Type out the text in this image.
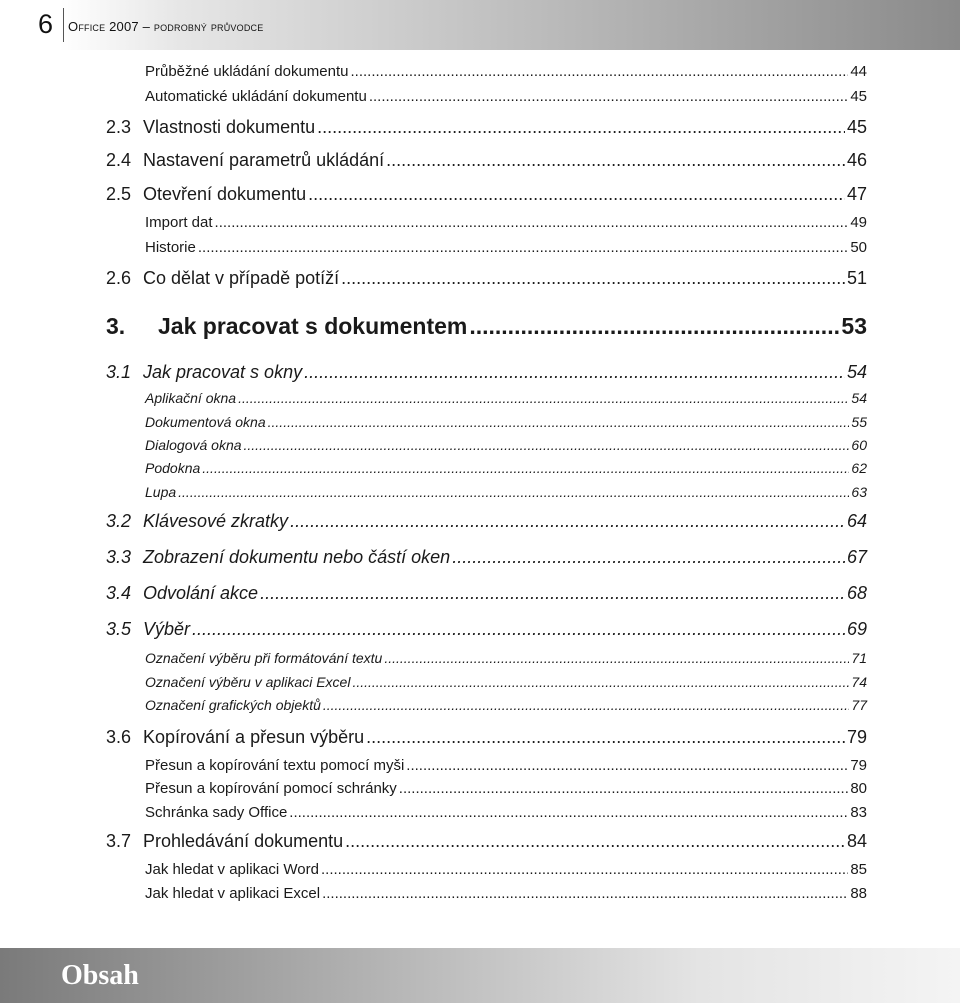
6 Office 2007 – podrobný průvodce
Průběžné ukládání dokumentu .....	44
Automatické ukládání dokumentu .....	45
2.3 Vlastnosti dokumentu .....	45
2.4 Nastavení parametrů ukládání .....	46
2.5 Otevření dokumentu .....	47
Import dat .....	49
Historie .....	50
2.6 Co dělat v případě potíží .....	51
3.	Jak pracovat s dokumentem .....	53
3.1 Jak pracovat s okny .....	54
Aplikační okna .....	54
Dokumentová okna .....	55
Dialogová okna .....	60
Podokna .....	62
Lupa .....	63
3.2 Klávesové zkratky .....	64
3.3 Zobrazení dokumentu nebo částí oken .....	67
3.4 Odvolání akce .....	68
3.5 Výběr .....	69
Označení výběru při formátování textu .....	71
Označení výběru v aplikaci Excel .....	74
Označení grafických objektů .....	77
3.6 Kopírování a přesun výběru .....	79
Přesun a kopírování textu pomocí myši .....	79
Přesun a kopírování pomocí schránky .....	80
Schránka sady Office .....	83
3.7 Prohledávání dokumentu .....	84
Jak hledat v aplikaci Word .....	85
Jak hledat v aplikaci Excel .....	88
Obsah
